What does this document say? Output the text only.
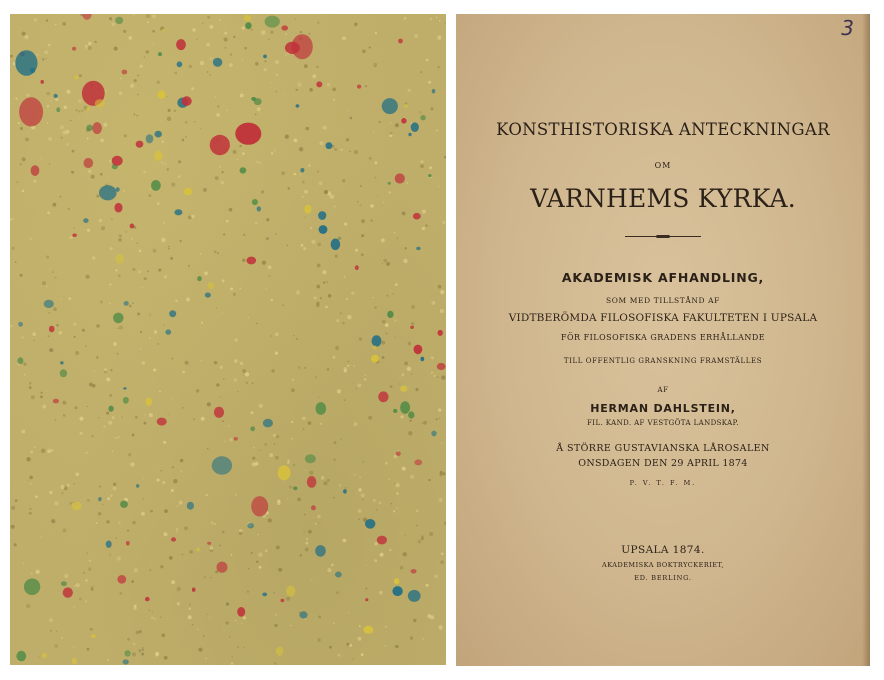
3
KONSTHISTORISKA ANTECKNINGAR
OM
VARNHEMS KYRKA.
AKADEMISK AFHANDLING,
SOM MED TILLSTÅND AF
VIDTBERÖMDA FILOSOFISKA FAKULTETEN I UPSALA
FÖR FILOSOFISKA GRADENS ERHÅLLANDE
TILL OFFENTLIG GRANSKNING FRAMSTÄLLES
AF
HERMAN DAHLSTEIN,
FIL. KAND. AF VESTGÖTA LANDSKAP.
Å STÖRRE GUSTAVIANSKA LÅROSALEN
ONSDAGEN DEN 29 APRIL 1874
P. V. T. F. M.
UPSALA 1874.
AKADEMISKA BOKTRYCKERIET,
ED. BERLING.
